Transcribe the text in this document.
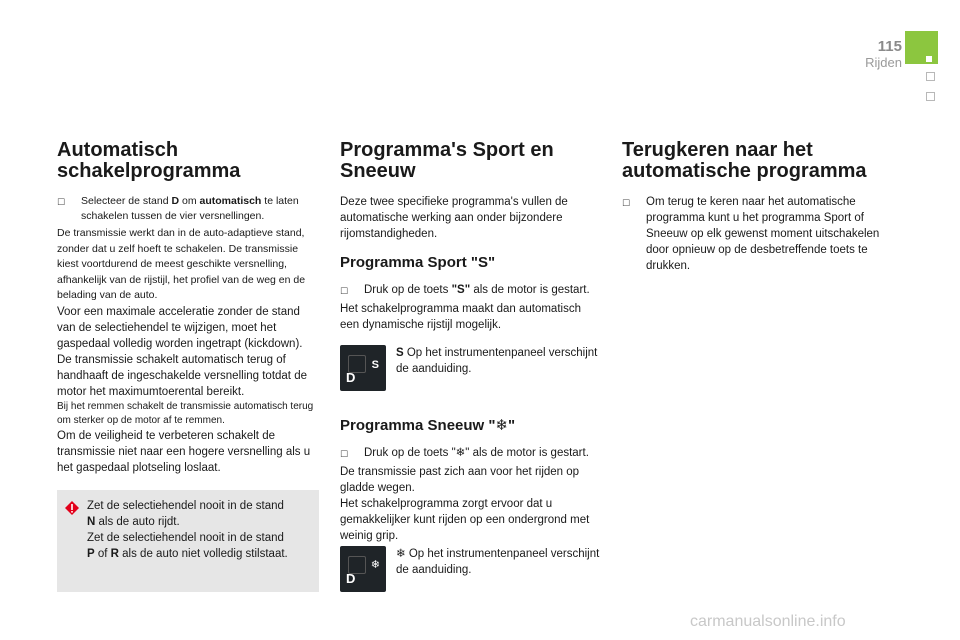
115
Rijden
Automatisch schakelprogramma
☐	Selecteer de stand D om automatisch te laten schakelen tussen de vier versnellingen.

De transmissie werkt dan in de auto-adaptieve stand, zonder dat u zelf hoeft te schakelen. De transmissie kiest voortdurend de meest geschikte versnelling, afhankelijk van de rijstijl, het profiel van de weg en de belading van de auto.

Voor een maximale acceleratie zonder de stand van de selectiehendel te wijzigen, moet het gaspedaal volledig worden ingetrapt (kickdown). De transmissie schakelt automatisch terug of handhaaft de ingeschakelde versnelling totdat de motor het maximumtoerental bereikt.

Bij het remmen schakelt de transmissie automatisch terug om sterker op de motor af te remmen.

Om de veiligheid te verbeteren schakelt de transmissie niet naar een hogere versnelling als u het gaspedaal plotseling loslaat.

Zet de selectiehendel nooit in de stand
N als de auto rijdt.
Zet de selectiehendel nooit in de stand
P of R als de auto niet volledig stilstaat.
Programma's Sport en Sneeuw

Deze twee specifieke programma's vullen de automatische werking aan onder bijzondere rijomstandigheden.

Programma Sport "S"
☐	Druk op de toets "S" als de motor is gestart.

Het schakelprogramma maakt dan automatisch een dynamische rijstijl mogelijk.

D
S
S Op het instrumentenpaneel verschijnt de aanduiding.
Programma Sneeuw "❄"
☐	Druk op de toets "❄" als de motor is gestart.

De transmissie past zich aan voor het rijden op gladde wegen.
Het schakelprogramma zorgt ervoor dat u gemakkelijker kunt rijden op een ondergrond met weinig grip.

D
❄
❄ Op het instrumentenpaneel verschijnt de aanduiding.
Terugkeren naar het automatische programma
☐	Om terug te keren naar het automatische programma kunt u het programma Sport of Sneeuw op elk gewenst moment uitschakelen door opnieuw op de desbetreffende toets te drukken.
carmanualsonline.info
